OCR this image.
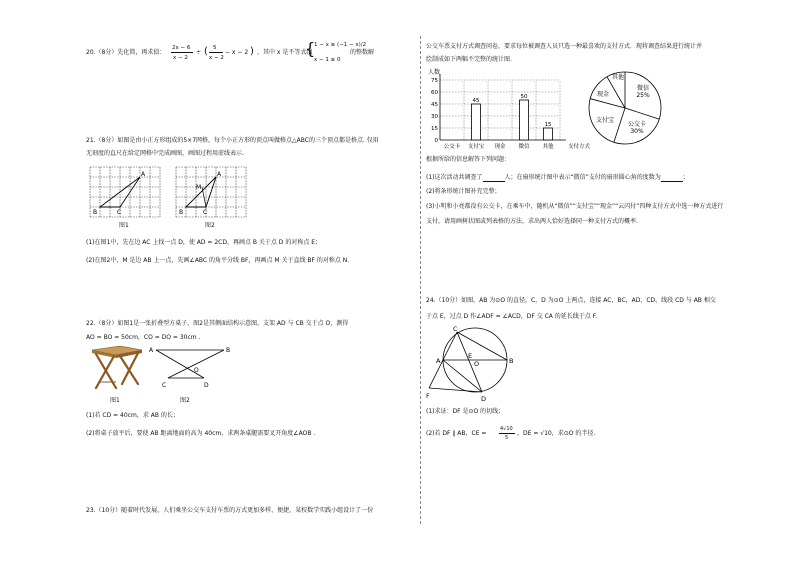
20.（8分）先化简，再求值：
2x − 6
x − 2
÷ ( 5
x − 2
− x − 2 ) ，其中 x 是不等式组
{
1 − x ≥ (−1 − x)/2
x − 1 ≥ 0
的整数解
21.（8分）如图是由小正方形组成的5×7网格，每个小正方形的顶点叫做格点△ABC的三个顶点都是格点. 仅用
无刻度的直尺在给定网格中完成画图，画图过程用虚线表示.
A
B	C
图1
A
M
B	C
图2
(1)在图1中，先在边 AC 上找一点 D，使 AD = 2CD，再画点 B 关于点 D 的对称点 E；
(2)在图2中，M 是边 AB 上一点，先画∠ABC 的角平分线 BF，再画点 M 关于直线 BF 的对称点 N.
22.（8分）如图1是一张折叠型方桌子，图2是其侧面结构示意图，支架 AD 与 CB 交于点 O，测得
AO = BO = 50cm，CO = DO = 30cm .
图1
A	B
C	D
O
图2
(1)若 CD = 40cm，求 AB 的长；
(2)将桌子放平后，要使 AB 距离地面的高为 40cm，求两条桌腿需要叉开角度∠AOB .
23.（10分）随着时代发展，人们乘坐公交车支付车票的方式更加多样、便捷，某校数学实践小组设计了一份
公交车票支付方式调查问卷，要求每位被调查人员只选一种最喜欢的支付方式．现将调查结果进行统计并
绘制成如下两幅不完整的统计图．
人数
0
15
30
45
60
75
公交卡
45
支付宝 现金
50
微信
15
其他	支付方式
公交卡
30%
微信
25%
支付宝
现金
其他
根据所给的信息解答下列问题：
(1)这次活动共调查了	人；在扇形统计图中表示“微信”支付的扇形圆心角的度数为	；
(2)将条形统计图补充完整；
(3)小明和小亮都没有公交卡，在乘车中，随机从“微信”“支付宝”“现金”“云闪付”四种支付方式中选一种方式进行
支付，请用画树状图或列表格的方法，求出两人恰好选择同一种支付方式的概率.
24.（10分）如图，AB 为⊙O 的直径，C，D 为⊙O 上两点，连接 AC，BC，AD，CD，线段 CD 与 AB 相交
于点 E，过点 D 作∠ADF = ∠ACD，DF 交 CA 的延长线于点 F.
C
A	B
E
O
D
F
(1)求证：DF 是⊙O 的切线；
(2)若 DF ∥ AB，CE =
4√10
5
，DE = √10，求⊙O 的半径.
